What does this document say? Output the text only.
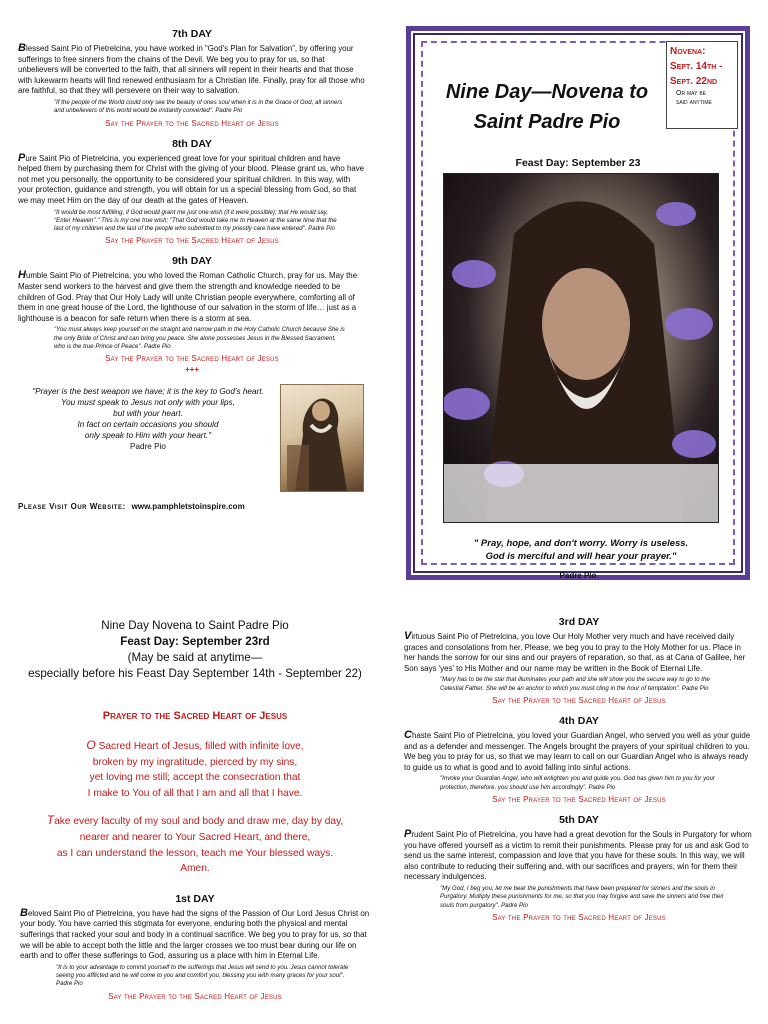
7th DAY

Blessed Saint Pio of Pietrelcina, you have worked in "God's Plan for Salvation", by offering your sufferings to free sinners from the chains of the Devil. We beg you to pray for us, so that unbelievers will be converted to the faith, that all sinners will repent in their hearts and that those with lukewarm hearts will find renewed enthusiasm for a Christian life. Finally, pray for all those who are faithful, so that they will persevere on their way to salvation.

"If the people of the World could only see the beauty of ones soul when it is in the Grace of God, all sinners and unbelievers of this world would be instantly converted". Padre Pio
Say the Prayer to the Sacred Heart of Jesus
8th DAY

Pure Saint Pio of Pietrelcina, you experienced great love for your spiritual children and have helped them by purchasing them for Christ with the giving of your blood. Please grant us, who have not met you personally, the opportunity to be considered your spiritual children. In this way, with your protection, guidance and strength, you will obtain for us a special blessing from God, so that we may meet Him on the day of our death at the gates of Heaven.

"It would be most fulfilling, if God would grant me just one wish (if it were possible); that He would say, "Enter Heaven"." This is my one true wish; "That God would take me to Heaven at the same time that the last of my children and the last of the people who submitted to my priestly care have entered". Padre Pio
Say the Prayer to the Sacred Heart of Jesus
9th DAY

Humble Saint Pio of Pietrelcina, you who loved the Roman Catholic Church, pray for us. May the Master send workers to the harvest and give them the strength and knowledge needed to be children of God. Pray that Our Holy Lady will unite Christian people everywhere, comforting all of them in one great house of the Lord, the lighthouse of our salvation in the storm of life… just as a lighthouse is a beacon for safe return when there is a storm at sea.

"You must always keep yourself on the straight and narrow path in the Holy Catholic Church because She is the only Bride of Christ and can bring you peace. She alone possesses Jesus in the Blessed Sacrament, who is the true Prince of Peace". Padre Pio
Say the Prayer to the Sacred Heart of Jesus
+++
"Prayer is the best weapon we have; it is the key to God's heart.
You must speak to Jesus not only with your lips,
but with your heart.
In fact on certain occasions you should
only speak to Him with your heart."
Padre Pio
Please Visit Our Website: www.pamphletstoinspire.com
Nine Day—Novena to
Saint Padre Pio
Novena:
Sept. 14th -
Sept. 22nd
Or may be
said anytime
Feast Day: September 23
" Pray, hope, and don't worry. Worry is useless.
God is merciful and will hear your prayer."
Padre Pio
Nine Day Novena to Saint Padre Pio
Feast Day: September 23rd
(May be said at anytime—
especially before his Feast Day September 14th - September 22)
Prayer to the Sacred Heart of Jesus
O Sacred Heart of Jesus, filled with infinite love,
broken by my ingratitude, pierced by my sins,
yet loving me still; accept the consecration that
I make to You of all that I am and all that I have.
Take every faculty of my soul and body and draw me, day by day,
nearer and nearer to Your Sacred Heart, and there,
as I can understand the lesson, teach me Your blessed ways.
Amen.
1st DAY

Beloved Saint Pio of Pietrelcina, you have had the signs of the Passion of Our Lord Jesus Christ on your body. You have carried this stigmata for everyone, enduring both the physical and mental sufferings that racked your soul and body in a continual sacrifice. We beg you to pray for us, so that we will be able to accept both the little and the larger crosses we too must bear during our life on earth and to offer these sufferings to God, assuring us a place with him in Eternal Life.

"It is to your advantage to commit yourself to the sufferings that Jesus will send to you. Jesus cannot tolerate seeing you afflicted and he will come to you and comfort you, blessing you with many graces for your soul". Padre Pio
Say the Prayer to the Sacred Heart of Jesus
3rd DAY

Virtuous Saint Pio of Pietrelcina, you love Our Holy Mother very much and have received daily graces and consolations from her. Please, we beg you to pray to the Holy Mother for us. Place in her hands the sorrow for our sins and our prayers of reparation, so that, as at Cana of Galilee, her Son says 'yes' to His Mother and our name may be written in the Book of Eternal Life.

"Mary has to be the star that illuminates your path and she will show you the secure way to go to the Celestial Father. She will be an anchor to which you must cling in the hour of temptation". Padre Pio
Say the Prayer to the Sacred Heart of Jesus
4th DAY

Chaste Saint Pio of Pietrelcina, you loved your Guardian Angel, who served you well as your guide and as a defender and messenger. The Angels brought the prayers of your spiritual children to you. We beg you to pray for us, so that we may learn to call on our Guardian Angel who is always ready to guide us to what is good and to avoid falling into sinful actions.

"Invoke your Guardian Angel, who will enlighten you and guide you. God has given him to you for your protection, therefore, you should use him accordingly". Padre Pio
Say the Prayer to the Sacred Heart of Jesus
5th DAY

Prudent Saint Pio of Pietrelcina, you have had a great devotion for the Souls in Purgatory for whom you have offered yourself as a victim to remit their punishments. Please pray for us and ask God to send us the same interest, compassion and love that you have for these souls. In this way, we will also contribute to reducing their suffering and, with our sacrifices and prayers, win for them their necessary indulgences.

"My God, I beg you; let me bear the punishments that have been prepared for sinners and the souls in Purgatory. Multiply these punishments for me, so that you may forgive and save the sinners and free their souls from purgatory". Padre Pio
Say the Prayer to the Sacred Heart of Jesus
